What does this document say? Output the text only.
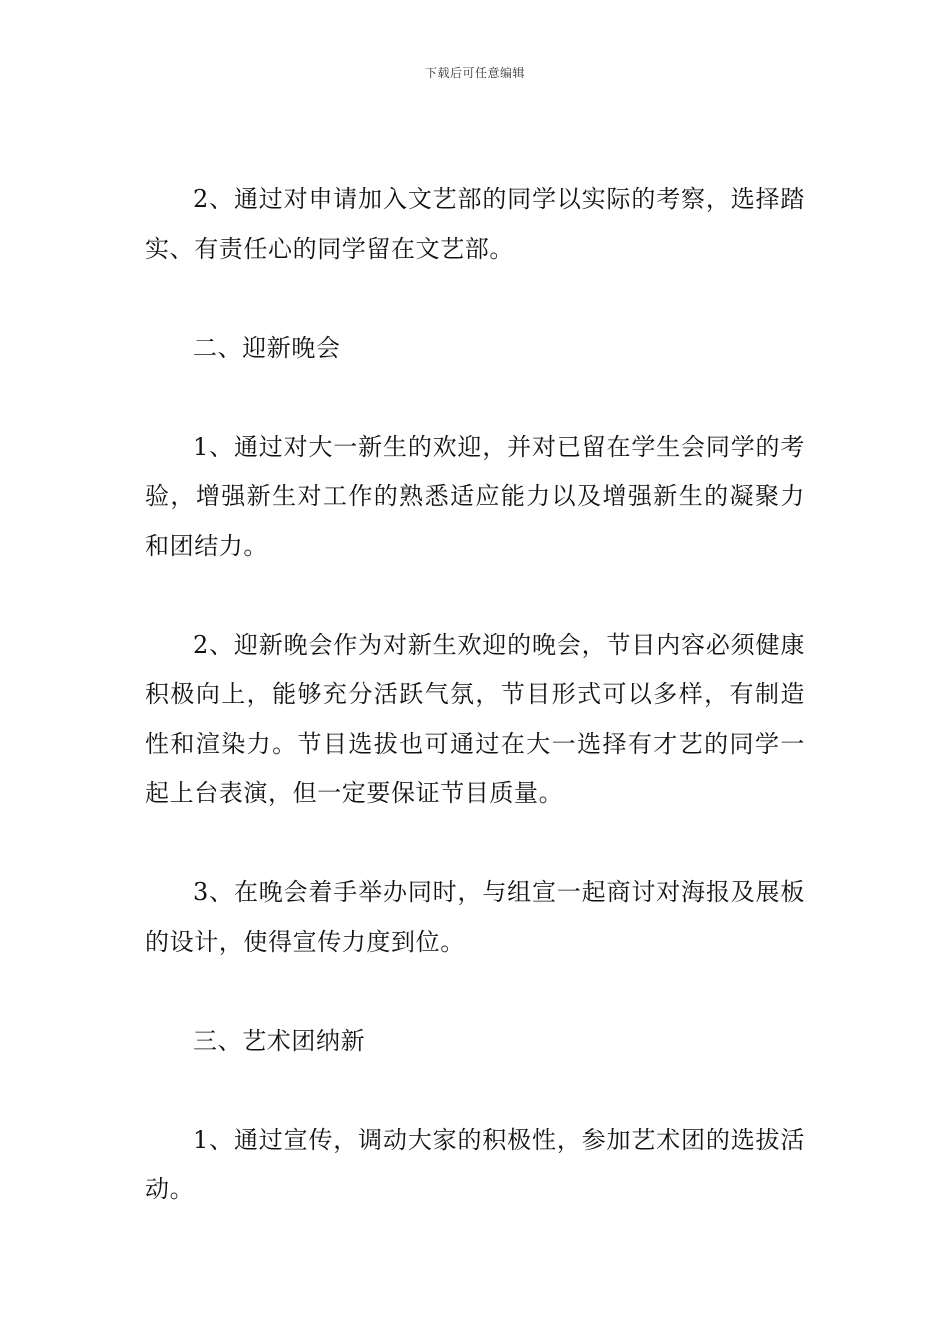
下载后可任意编辑

2、通过对申请加入文艺部的同学以实际的考察，选择踏实、有责任心的同学留在文艺部。

二、迎新晚会

1、通过对大一新生的欢迎，并对已留在学生会同学的考验，增强新生对工作的熟悉适应能力以及增强新生的凝聚力和团结力。

2、迎新晚会作为对新生欢迎的晚会，节目内容必须健康积极向上，能够充分活跃气氛，节目形式可以多样，有制造性和渲染力。节目选拔也可通过在大一选择有才艺的同学一起上台表演，但一定要保证节目质量。

3、在晚会着手举办同时，与组宣一起商讨对海报及展板的设计，使得宣传力度到位。

三、艺术团纳新

1、通过宣传，调动大家的积极性，参加艺术团的选拔活动。
